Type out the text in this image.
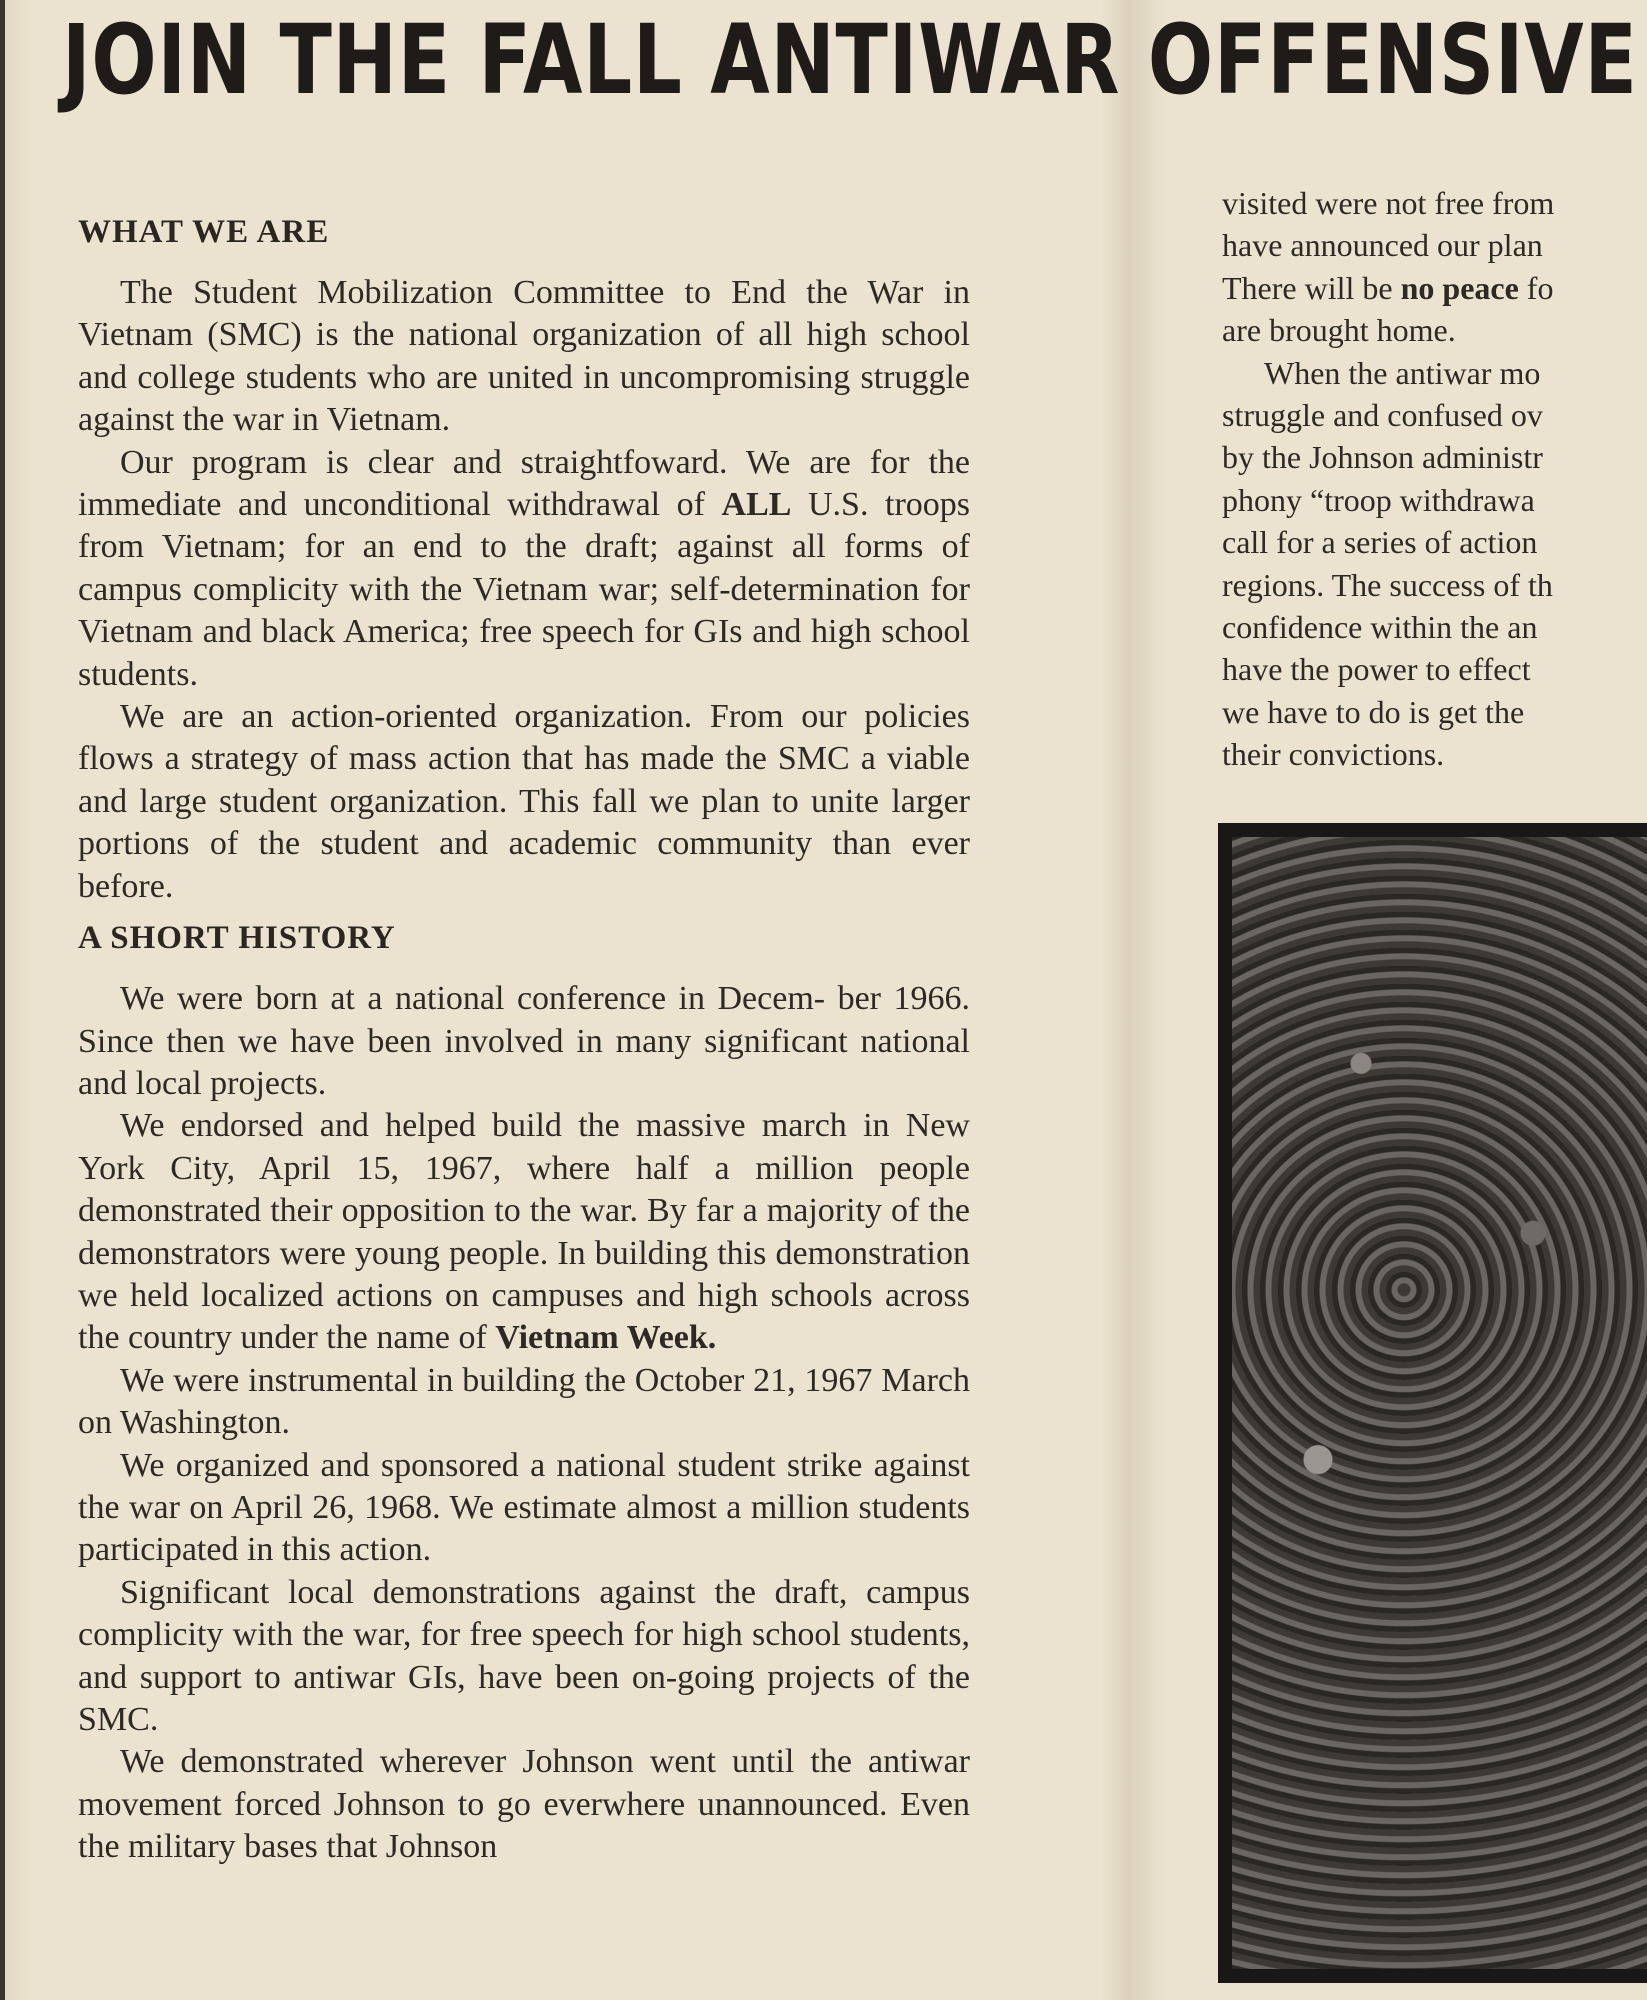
JOIN THE FALL ANTIWAR OFFENSIVE
WHAT WE ARE

The Student Mobilization Committee to End the War in Vietnam (SMC) is the national organization of all high school and college students who are united in uncompromising struggle against the war in Vietnam.

Our program is clear and straightfoward. We are for the immediate and unconditional withdrawal of ALL U.S. troops from Vietnam; for an end to the draft; against all forms of campus complicity with the Vietnam war; self-determination for Vietnam and black America; free speech for GIs and high school students.

We are an action-oriented organization. From our policies flows a strategy of mass action that has made the SMC a viable and large student organization. This fall we plan to unite larger portions of the student and academic community than ever before.

A SHORT HISTORY

We were born at a national conference in Decem- ber 1966. Since then we have been involved in many significant national and local projects.

We endorsed and helped build the massive march in New York City, April 15, 1967, where half a million people demonstrated their opposition to the war. By far a majority of the demonstrators were young people. In building this demonstration we held localized actions on campuses and high schools across the country under the name of Vietnam Week.

We were instrumental in building the October 21, 1967 March on Washington.

We organized and sponsored a national student strike against the war on April 26, 1968. We estimate almost a million students participated in this action.

Significant local demonstrations against the draft, campus complicity with the war, for free speech for high school students, and support to antiwar GIs, have been on-going projects of the SMC.

We demonstrated wherever Johnson went until the antiwar movement forced Johnson to go everwhere unannounced. Even the military bases that Johnson

visited were not free from

have announced our plan

There will be no peace fo

are brought home.

When the antiwar mo

struggle and confused ov

by the Johnson administr

phony “troop withdrawa

call for a series of action

regions. The success of th

confidence within the an

have the power to effect

we have to do is get the

their convictions.
